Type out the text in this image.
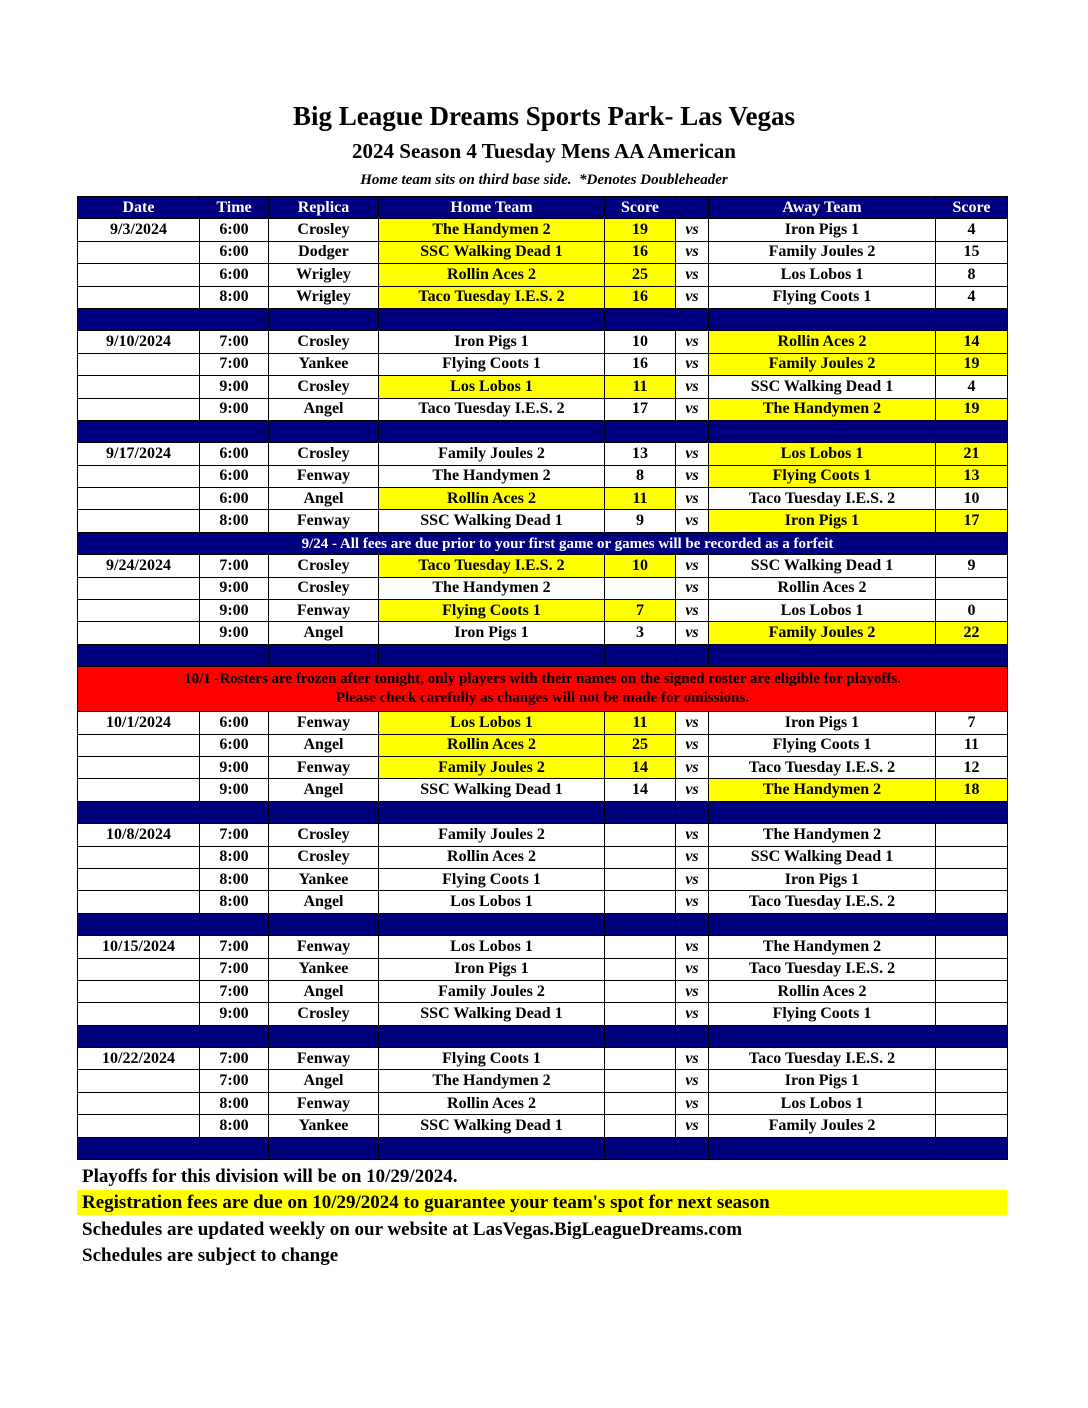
Big League Dreams Sports Park- Las Vegas
2024 Season 4 Tuesday Mens AA American
Home team sits on third base side.  *Denotes Doubleheader
Date	Time	Replica	Home Team	Score		Away Team	Score
9/3/2024	6:00	Crosley	The Handymen 2	19	vs	Iron Pigs 1	4
	6:00	Dodger	SSC Walking Dead 1	16	vs	Family Joules 2	15
	6:00	Wrigley	Rollin Aces 2	25	vs	Los Lobos 1	8
	8:00	Wrigley	Taco Tuesday I.E.S. 2	16	vs	Flying Coots 1	4

9/10/2024	7:00	Crosley	Iron Pigs 1	10	vs	Rollin Aces 2	14
	7:00	Yankee	Flying Coots 1	16	vs	Family Joules 2	19
	9:00	Crosley	Los Lobos 1	11	vs	SSC Walking Dead 1	4
	9:00	Angel	Taco Tuesday I.E.S. 2	17	vs	The Handymen 2	19

9/17/2024	6:00	Crosley	Family Joules 2	13	vs	Los Lobos 1	21
	6:00	Fenway	The Handymen 2	8	vs	Flying Coots 1	13
	6:00	Angel	Rollin Aces 2	11	vs	Taco Tuesday I.E.S. 2	10
	8:00	Fenway	SSC Walking Dead 1	9	vs	Iron Pigs 1	17
	9/24 - All fees are due prior to your first game or games will be recorded as a forfeit						
9/24/2024	7:00	Crosley	Taco Tuesday I.E.S. 2	10	vs	SSC Walking Dead 1	9
	9:00	Crosley	The Handymen 2		vs	Rollin Aces 2	
	9:00	Fenway	Flying Coots 1	7	vs	Los Lobos 1	0
	9:00	Angel	Iron Pigs 1	3	vs	Family Joules 2	22

10/1 -Rosters are frozen after tonight, only players with their names on the signed roster are eligible for playoffs.
Please check carefully as changes will not be made for omissions.							

10/1/2024	6:00	Fenway	Los Lobos 1	11	vs	Iron Pigs 1	7
	6:00	Angel	Rollin Aces 2	25	vs	Flying Coots 1	11
	9:00	Fenway	Family Joules 2	14	vs	Taco Tuesday I.E.S. 2	12
	9:00	Angel	SSC Walking Dead 1	14	vs	The Handymen 2	18

10/8/2024	7:00	Crosley	Family Joules 2		vs	The Handymen 2	
	8:00	Crosley	Rollin Aces 2		vs	SSC Walking Dead 1	
	8:00	Yankee	Flying Coots 1		vs	Iron Pigs 1	
	8:00	Angel	Los Lobos 1		vs	Taco Tuesday I.E.S. 2	

10/15/2024	7:00	Fenway	Los Lobos 1		vs	The Handymen 2	
	7:00	Yankee	Iron Pigs 1		vs	Taco Tuesday I.E.S. 2	
	7:00	Angel	Family Joules 2		vs	Rollin Aces 2	
	9:00	Crosley	SSC Walking Dead 1		vs	Flying Coots 1	

10/22/2024	7:00	Fenway	Flying Coots 1		vs	Taco Tuesday I.E.S. 2	
	7:00	Angel	The Handymen 2		vs	Iron Pigs 1	
	8:00	Fenway	Rollin Aces 2		vs	Los Lobos 1	
	8:00	Yankee	SSC Walking Dead 1		vs	Family Joules 2	

Playoffs for this division will be on 10/29/2024.
Registration fees are due on 10/29/2024 to guarantee your team's spot for next season
Schedules are updated weekly on our website at LasVegas.BigLeagueDreams.com
Schedules are subject to change
